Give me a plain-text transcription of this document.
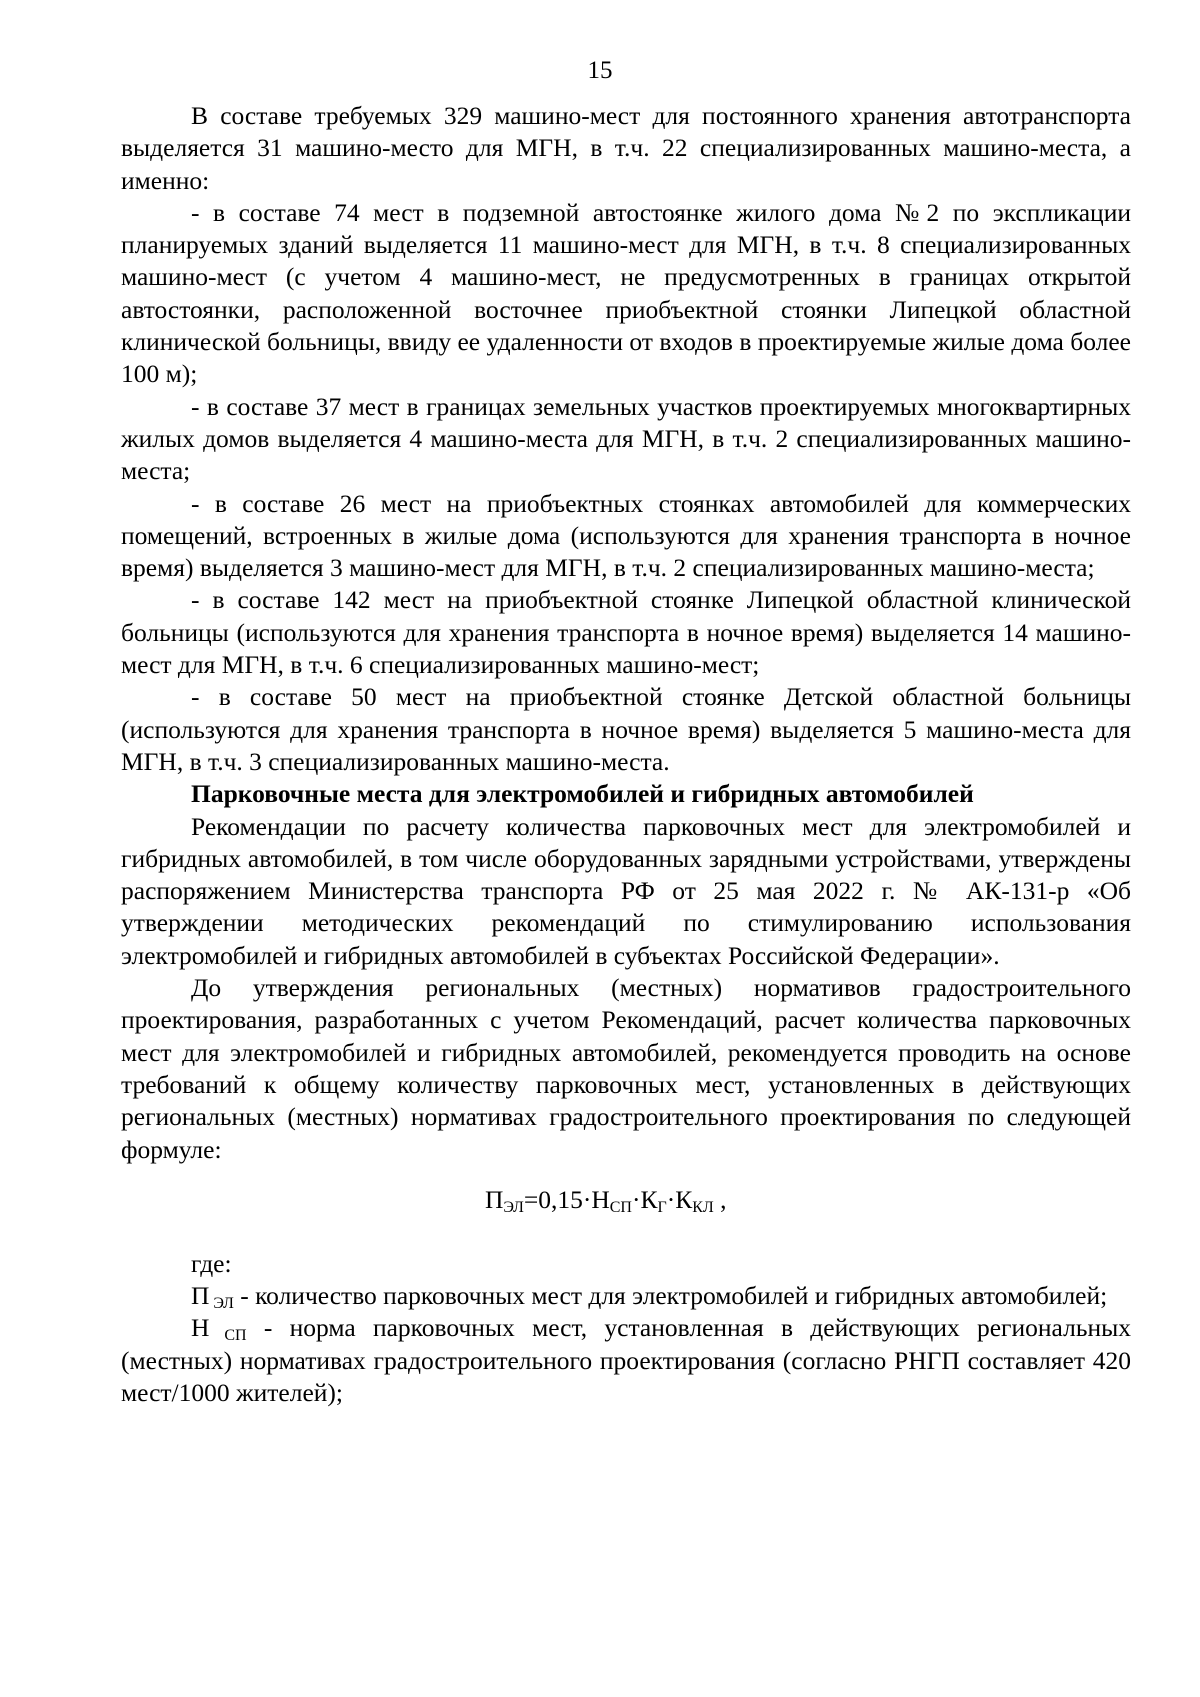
15

В составе требуемых 329 машино-мест для постоянного хранения автотранспорта выделяется 31 машино-место для МГН, в т.ч. 22 специализированных машино-места, а именно:

- в составе 74 мест в подземной автостоянке жилого дома №2 по экспликации планируемых зданий выделяется 11 машино-мест для МГН, в т.ч. 8 специализированных машино-мест (с учетом 4 машино-мест, не предусмотренных в границах открытой автостоянки, расположенной восточнее приобъектной стоянки Липецкой областной клинической больницы, ввиду ее удаленности от входов в проектируемые жилые дома более 100 м);

- в составе 37 мест в границах земельных участков проектируемых многоквартирных жилых домов выделяется 4 машино-места для МГН, в т.ч. 2 специализированных машино-места;

- в составе 26 мест на приобъектных стоянках автомобилей для коммерческих помещений, встроенных в жилые дома (используются для хранения транспорта в ночное время) выделяется 3 машино-мест для МГН, в т.ч. 2 специализированных машино-места;

- в составе 142 мест на приобъектной стоянке Липецкой областной клинической больницы (используются для хранения транспорта в ночное время) выделяется 14 машино-мест для МГН, в т.ч. 6 специализированных машино-мест;

- в составе 50 мест на приобъектной стоянке Детской областной больницы (используются для хранения транспорта в ночное время) выделяется 5 машино-места для МГН, в т.ч. 3 специализированных машино-места.

Парковочные места для электромобилей и гибридных автомобилей

Рекомендации по расчету количества парковочных мест для электромобилей и гибридных автомобилей, в том числе оборудованных зарядными устройствами, утверждены распоряжением Министерства транспорта РФ от 25 мая 2022 г. № АК-131-р «Об утверждении методических рекомендаций по стимулированию использования электромобилей и гибридных автомобилей в субъектах Российской Федерации».

До утверждения региональных (местных) нормативов градостроительного проектирования, разработанных с учетом Рекомендаций, расчет количества парковочных мест для электромобилей и гибридных автомобилей, рекомендуется проводить на основе требований к общему количеству парковочных мест, установленных в действующих региональных (местных) нормативах градостроительного проектирования по следующей формуле:

$П_{ЭЛ}=0,15\cdot Н_{СП}\cdot К_Г\cdot К_{КЛ}$ ,

где:

П $_{ЭЛ}$ - количество парковочных мест для электромобилей и гибридных автомобилей;

Н $_{СП}$ - норма парковочных мест, установленная в действующих региональных (местных) нормативах градостроительного проектирования (согласно РНГП составляет 420 мест/1000 жителей);
